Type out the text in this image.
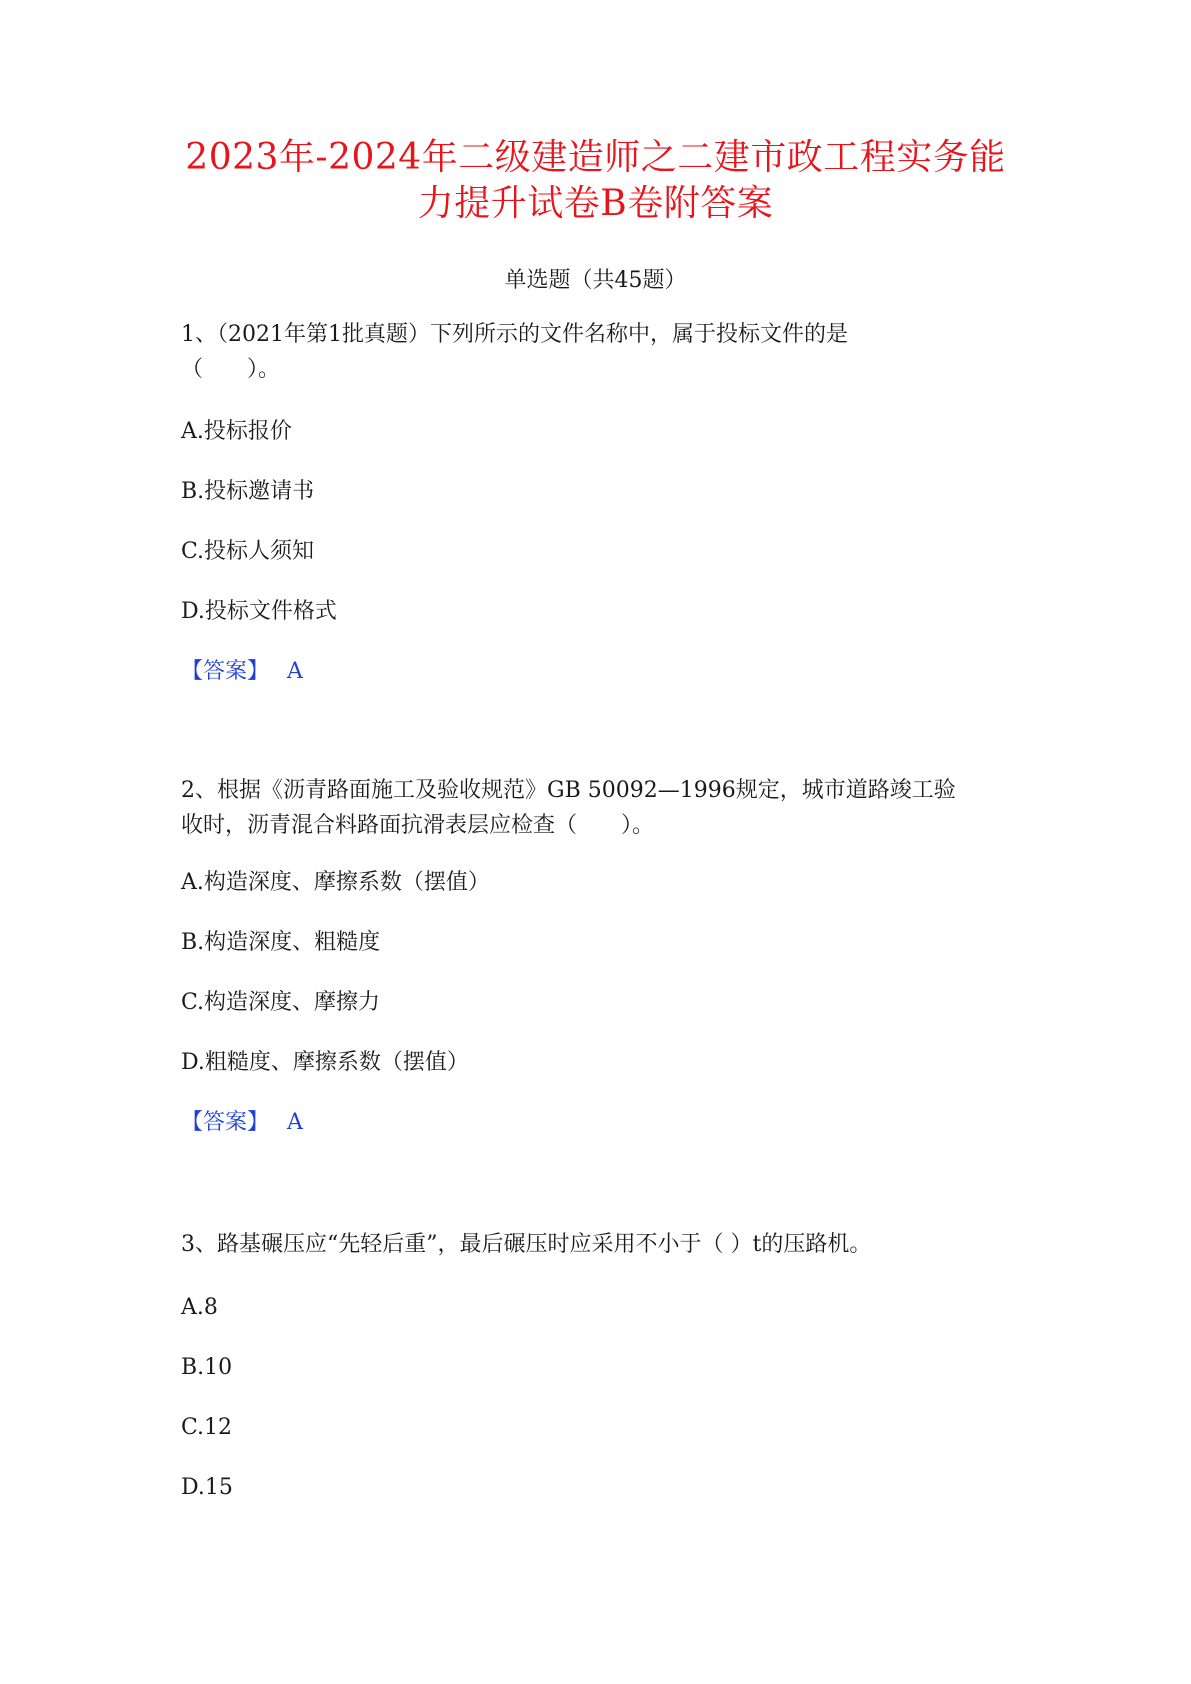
2023年-2024年二级建造师之二建市政工程实务能
力提升试卷B卷附答案
单选题（共45题）
1、（2021年第1批真题）下列所示的文件名称中，属于投标文件的是
（　　）。
A.投标报价
B.投标邀请书
C.投标人须知
D.投标文件格式
【答案】 A
2、根据《沥青路面施工及验收规范》GB 50092—1996规定，城市道路竣工验
收时，沥青混合料路面抗滑表层应检查（　　）。
A.构造深度、摩擦系数（摆值）
B.构造深度、粗糙度
C.构造深度、摩擦力
D.粗糙度、摩擦系数（摆值）
【答案】 A
3、路基碾压应“先轻后重”，最后碾压时应采用不小于（ ）t的压路机。
A.8
B.10
C.12
D.15
